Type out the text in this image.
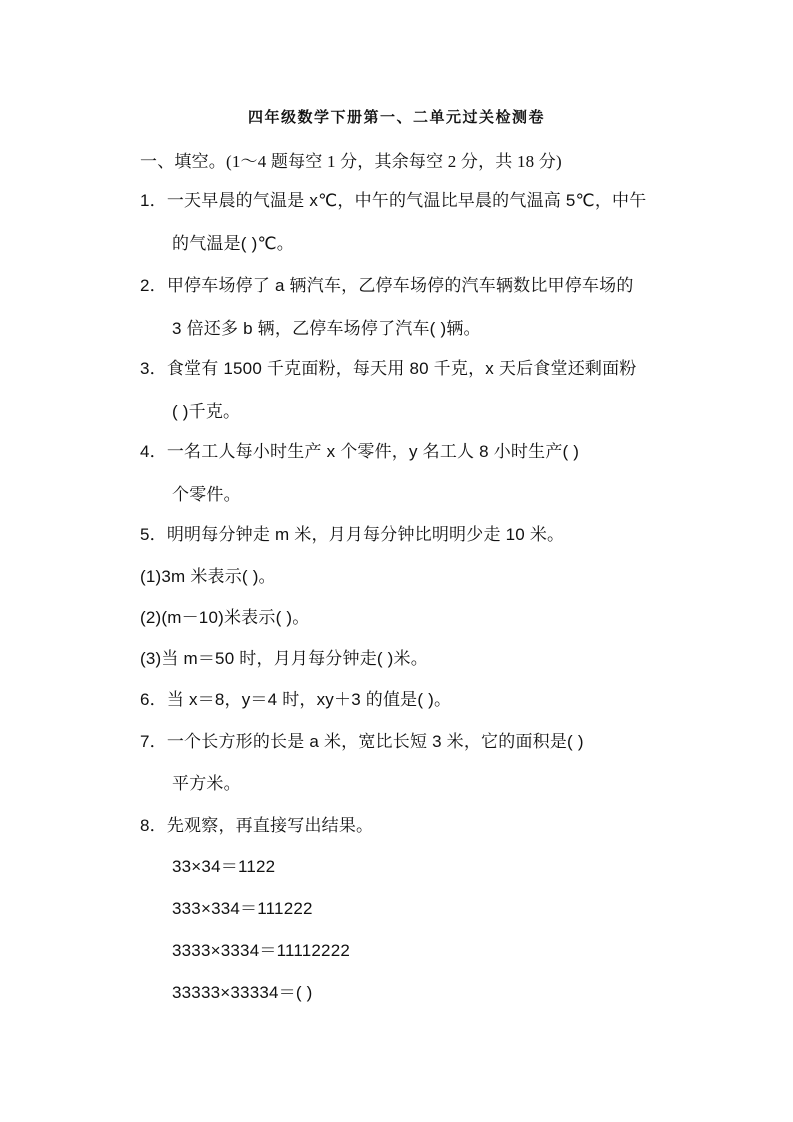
四年级数学下册第一、二单元过关检测卷
一、填空。(1～4 题每空 1 分，其余每空 2 分，共 18 分)
1．一天早晨的气温是 x℃，中午的气温比早晨的气温高 5℃，中午
的气温是( )℃。
2．甲停车场停了 a 辆汽车，乙停车场停的汽车辆数比甲停车场的
3 倍还多 b 辆，乙停车场停了汽车( )辆。
3．食堂有 1500 千克面粉，每天用 80 千克，x 天后食堂还剩面粉
( )千克。
4．一名工人每小时生产 x 个零件，y 名工人 8 小时生产( )
个零件。
5．明明每分钟走 m 米，月月每分钟比明明少走 10 米。
(1)3m 米表示( )。
(2)(m－10)米表示( )。
(3)当 m＝50 时，月月每分钟走( )米。
6．当 x＝8，y＝4 时，xy＋3 的值是( )。
7．一个长方形的长是 a 米，宽比长短 3 米，它的面积是( )
平方米。
8．先观察，再直接写出结果。
33×34＝1122
333×334＝111222
3333×3334＝11112222
33333×33334＝( )
